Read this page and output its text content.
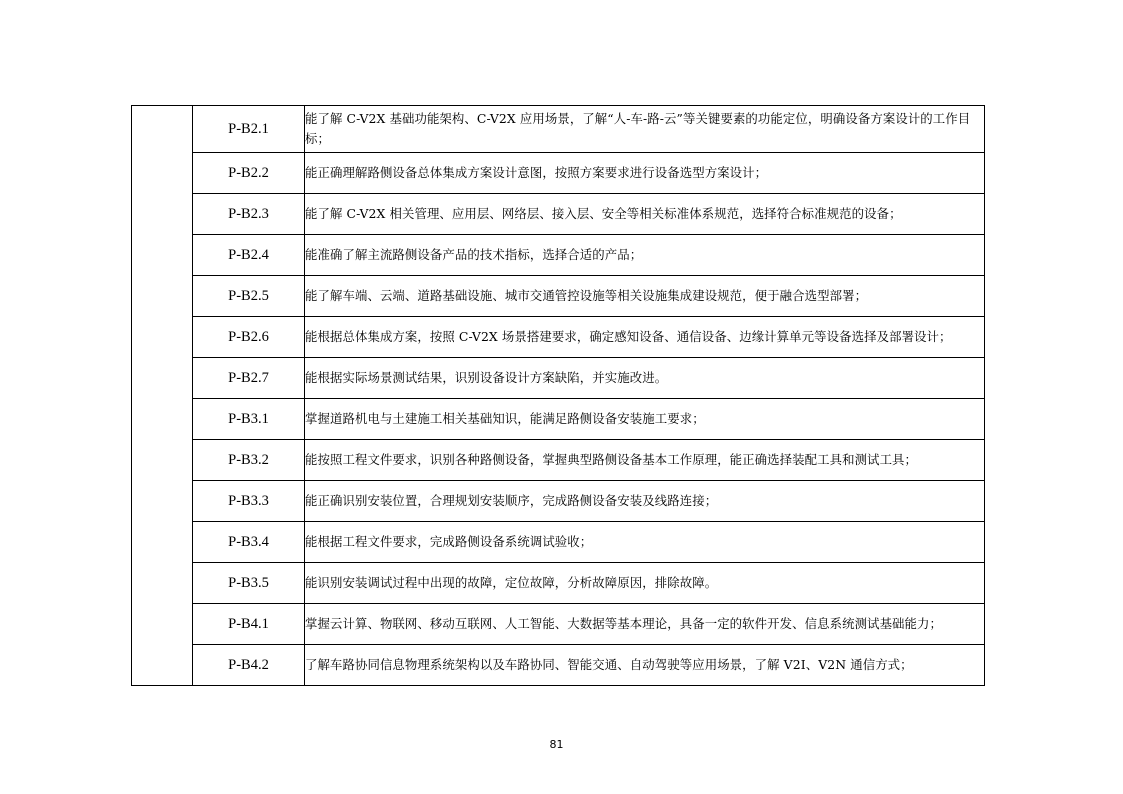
	P-B2.1	能了解 C-V2X 基础功能架构、C-V2X 应用场景，了解“人-车-路-云”等关键要素的功能定位，明确设备方案设计的工作目标；
	P-B2.2	能正确理解路侧设备总体集成方案设计意图，按照方案要求进行设备选型方案设计；
	P-B2.3	能了解 C-V2X 相关管理、应用层、网络层、接入层、安全等相关标准体系规范，选择符合标准规范的设备；
	P-B2.4	能准确了解主流路侧设备产品的技术指标，选择合适的产品；
	P-B2.5	能了解车端、云端、道路基础设施、城市交通管控设施等相关设施集成建设规范，便于融合选型部署；
	P-B2.6	能根据总体集成方案，按照 C-V2X 场景搭建要求，确定感知设备、通信设备、边缘计算单元等设备选择及部署设计；
	P-B2.7	能根据实际场景测试结果，识别设备设计方案缺陷，并实施改进。
	P-B3.1	掌握道路机电与土建施工相关基础知识，能满足路侧设备安装施工要求；
	P-B3.2	能按照工程文件要求，识别各种路侧设备，掌握典型路侧设备基本工作原理，能正确选择装配工具和测试工具；
	P-B3.3	能正确识别安装位置，合理规划安装顺序，完成路侧设备安装及线路连接；
	P-B3.4	能根据工程文件要求，完成路侧设备系统调试验收；
	P-B3.5	能识别安装调试过程中出现的故障，定位故障，分析故障原因，排除故障。
	P-B4.1	掌握云计算、物联网、移动互联网、人工智能、大数据等基本理论，具备一定的软件开发、信息系统测试基础能力；
	P-B4.2	了解车路协同信息物理系统架构以及车路协同、智能交通、自动驾驶等应用场景，了解 V2I、V2N 通信方式；
81
